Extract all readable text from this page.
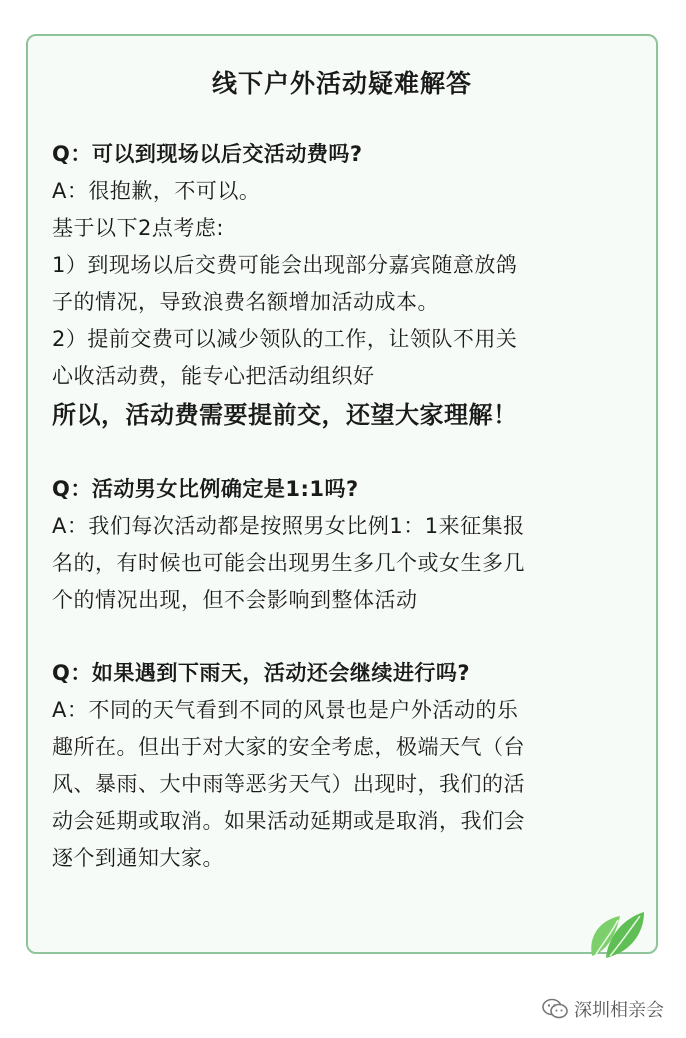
线下户外活动疑难解答
Q：可以到现场以后交活动费吗?
A：很抱歉，不可以。
基于以下2点考虑:
1）到现场以后交费可能会出现部分嘉宾随意放鸽
子的情况，导致浪费名额增加活动成本。
2）提前交费可以减少领队的工作，让领队不用关
心收活动费，能专心把活动组织好
所以，活动费需要提前交，还望大家理解！
Q：活动男女比例确定是1:1吗?
A：我们每次活动都是按照男女比例1：1来征集报
名的，有时候也可能会出现男生多几个或女生多几
个的情况出现，但不会影响到整体活动
Q：如果遇到下雨天，活动还会继续进行吗?
A：不同的天气看到不同的风景也是户外活动的乐
趣所在。但出于对大家的安全考虑，极端天气（台
风、暴雨、大中雨等恶劣天气）出现时，我们的活
动会延期或取消。如果活动延期或是取消，我们会
逐个到通知大家。
深圳相亲会
